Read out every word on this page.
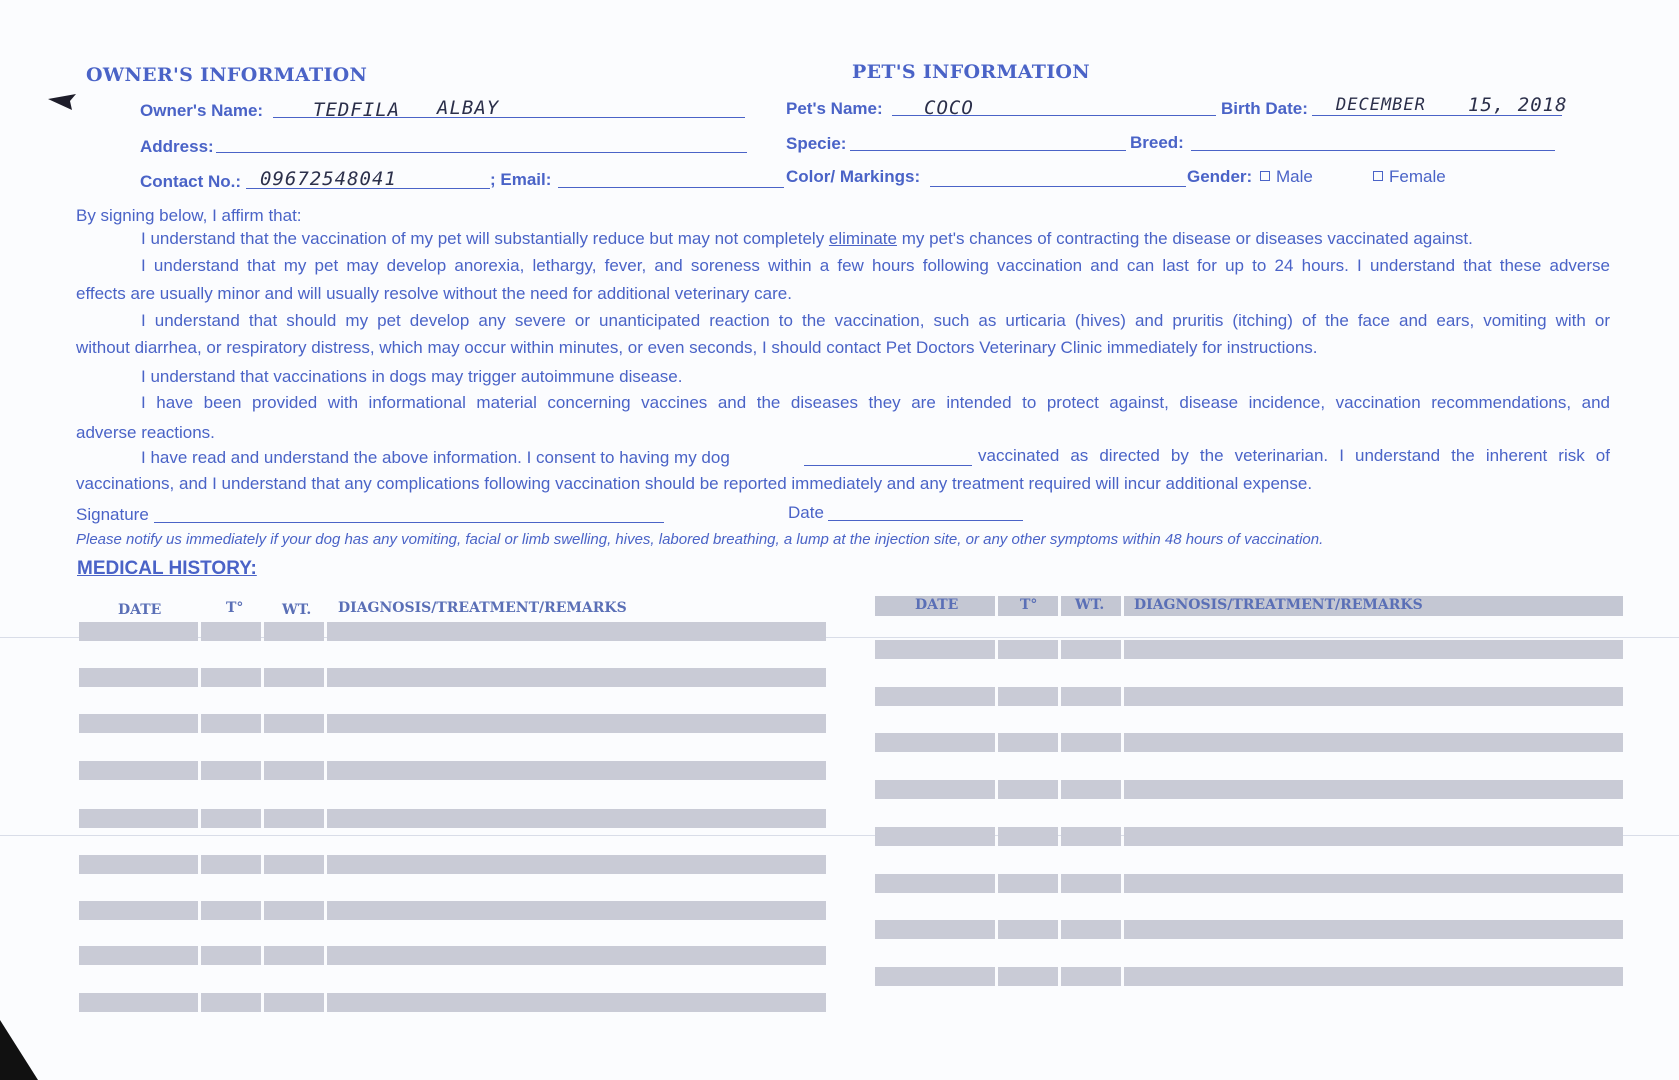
OWNER'S INFORMATION
Owner's Name:	TEDFILA ALBAY
Address:
Contact No.: 09672548041	; Email:
PET'S INFORMATION
Pet's Name: COCO	Birth Date: DECEMBER 15, 2018
Specie:	Breed:
Color/ Markings:	Gender:	Male	Female
By signing below, I affirm that:
I understand that the vaccination of my pet will substantially reduce but may not completely eliminate my pet's chances of contracting the disease or diseases vaccinated against.
I understand that my pet may develop anorexia, lethargy, fever, and soreness within a few hours following vaccination and can last for up to 24 hours. I understand that these adverse
effects are usually minor and will usually resolve without the need for additional veterinary care.
I understand that should my pet develop any severe or unanticipated reaction to the vaccination, such as urticaria (hives) and pruritis (itching) of the face and ears, vomiting with or
without diarrhea, or respiratory distress, which may occur within minutes, or even seconds, I should contact Pet Doctors Veterinary Clinic immediately for instructions.
I understand that vaccinations in dogs may trigger autoimmune disease.
I have been provided with informational material concerning vaccines and the diseases they are intended to protect against, disease incidence, vaccination recommendations, and
adverse reactions.
I have read and understand the above information. I consent to having my dog	vaccinated as directed by the veterinarian. I understand the inherent risk of
vaccinations, and I understand that any complications following vaccination should be reported immediately and any treatment required will incur additional expense.
Signature	Date
Please notify us immediately if your dog has any vomiting, facial or limb swelling, hives, labored breathing, a lump at the injection site, or any other symptoms within 48 hours of vaccination.
MEDICAL HISTORY:
DATE	T°	WT. DIAGNOSIS/TREATMENT/REMARKS	DATE	T°	WT. DIAGNOSIS/TREATMENT/REMARKS
